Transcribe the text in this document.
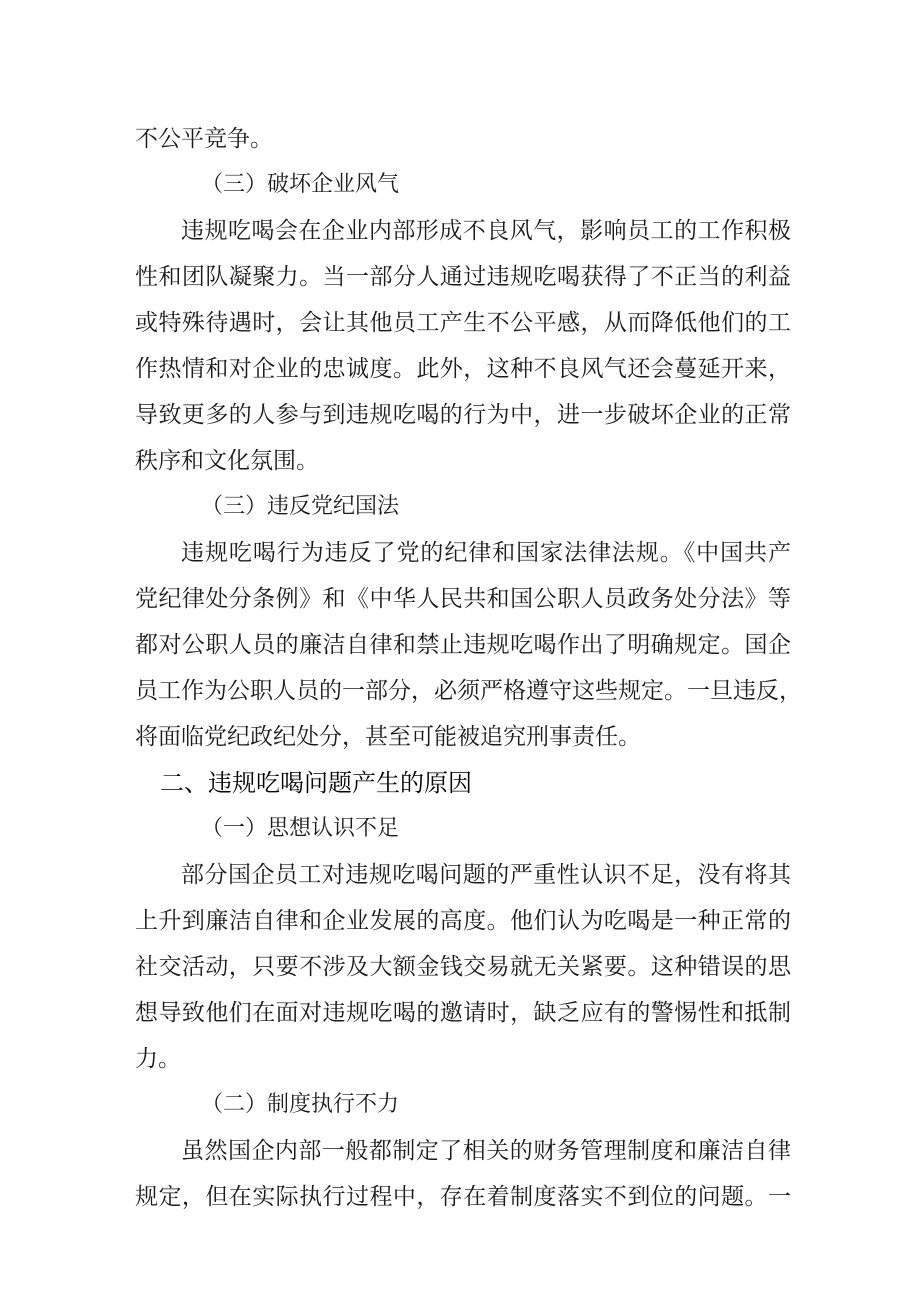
不公平竞争。
（三）破坏企业风气
违规吃喝会在企业内部形成不良风气，影响员工的工作积极
性和团队凝聚力。当一部分人通过违规吃喝获得了不正当的利益
或特殊待遇时，会让其他员工产生不公平感，从而降低他们的工
作热情和对企业的忠诚度。此外，这种不良风气还会蔓延开来，
导致更多的人参与到违规吃喝的行为中，进一步破坏企业的正常
秩序和文化氛围。
（三）违反党纪国法
违规吃喝行为违反了党的纪律和国家法律法规。《中国共产
党纪律处分条例》和《中华人民共和国公职人员政务处分法》等
都对公职人员的廉洁自律和禁止违规吃喝作出了明确规定。国企
员工作为公职人员的一部分，必须严格遵守这些规定。一旦违反，
将面临党纪政纪处分，甚至可能被追究刑事责任。
二、违规吃喝问题产生的原因
（一）思想认识不足
部分国企员工对违规吃喝问题的严重性认识不足，没有将其
上升到廉洁自律和企业发展的高度。他们认为吃喝是一种正常的
社交活动，只要不涉及大额金钱交易就无关紧要。这种错误的思
想导致他们在面对违规吃喝的邀请时，缺乏应有的警惕性和抵制
力。
（二）制度执行不力
虽然国企内部一般都制定了相关的财务管理制度和廉洁自律
规定，但在实际执行过程中，存在着制度落实不到位的问题。一
